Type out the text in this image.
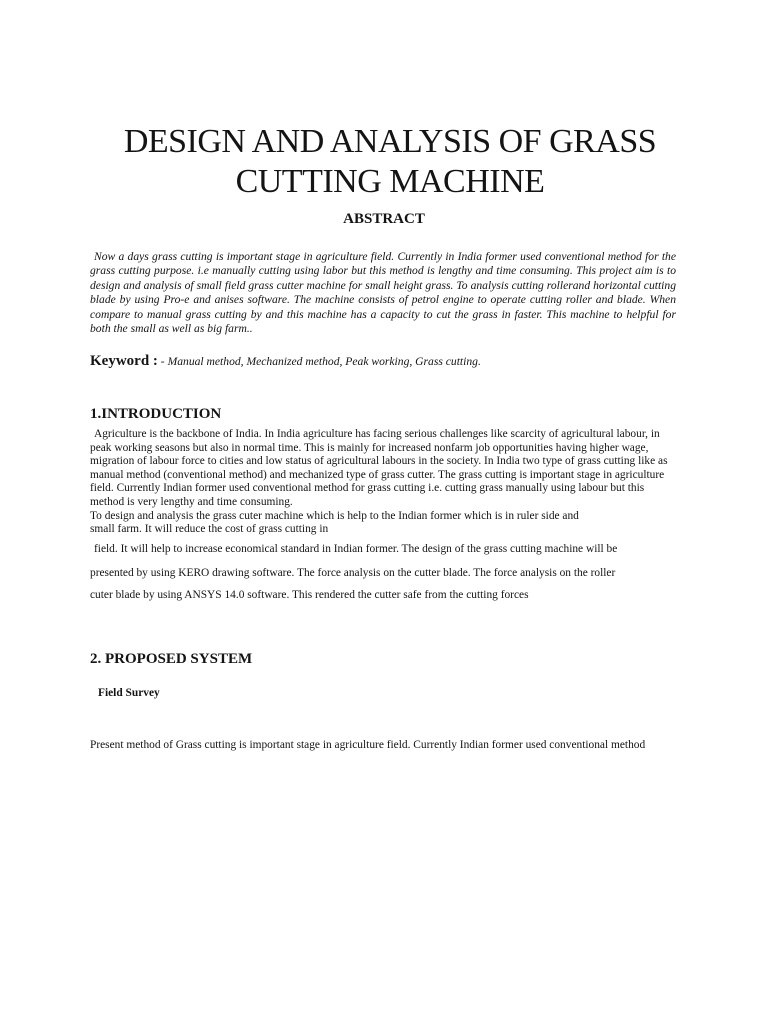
DESIGN AND ANALYSIS OF GRASS CUTTING MACHINE
ABSTRACT

Now a days grass cutting is important stage in agriculture field. Currently in India former used conventional method for the grass cutting purpose. i.e manually cutting using labor but this method is lengthy and time consuming. This project aim is to design and analysis of small field grass cutter machine for small height grass. To analysis cutting rollerand horizontal cutting blade by using Pro-e and anises software. The machine consists of petrol engine to operate cutting roller and blade. When compare to manual grass cutting by and this machine has a capacity to cut the grass in faster. This machine to helpful for both the small as well as big farm..

Keyword : - Manual method, Mechanized method, Peak working, Grass cutting.

1.INTRODUCTION

Agriculture is the backbone of India. In India agriculture has facing serious challenges like scarcity of agricultural labour, in peak working seasons but also in normal time. This is mainly for increased nonfarm job opportunities having higher wage, migration of labour force to cities and low status of agricultural labours in the society. In India two type of grass cutting like as manual method (conventional method) and mechanized type of grass cutter. The grass cutting is important stage in agriculture field. Currently Indian former used conventional method for grass cutting i.e. cutting grass manually using labour but this method is very lengthy and time consuming.

To design and analysis the grass cuter machine which is help to the Indian former which is in ruler side and

small farm. It will reduce the cost of grass cutting in

field. It will help to increase economical standard in Indian former. The design of the grass cutting machine will be

presented by using KERO drawing software. The force analysis on the cutter blade. The force analysis on the roller

cuter blade by using ANSYS 14.0 software. This rendered the cutter safe from the cutting forces

2. PROPOSED SYSTEM
Field Survey

Present method of Grass cutting is important stage in agriculture field. Currently Indian former used conventional method
